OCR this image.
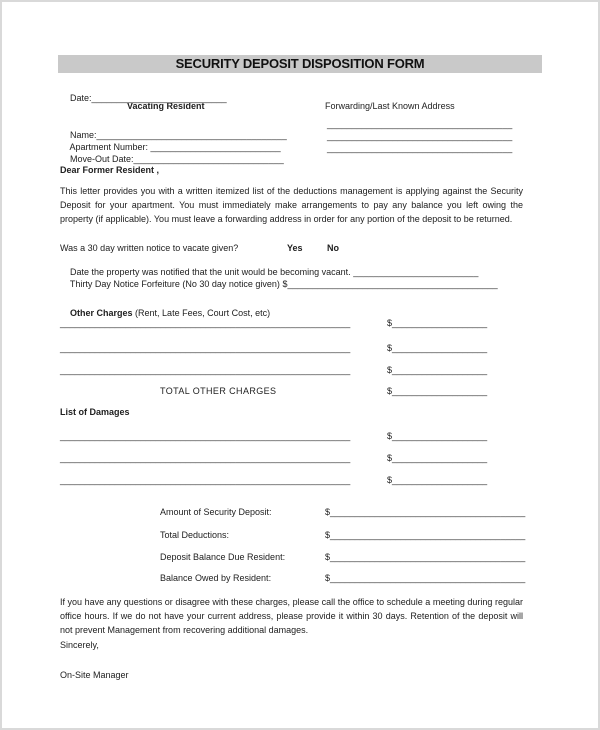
SECURITY DEPOSIT DISPOSITION FORM

Date:___________________________

Vacating Resident	Forwarding/Last Known Address

Name:______________________________________

Apartment Number: __________________________

Move-Out Date:______________________________

_____________________________________
_____________________________________
_____________________________________
Dear Former Resident ,
This letter provides you with a written itemized list of the deductions management is applying against the Security Deposit for your apartment. You must immediately make arrangements to pay any balance you left owing the property (if applicable). You must leave a forwarding address in order for any portion of the deposit to be returned.
Was a 30 day written notice to vacate given?	Yes	No

Date the property was notified that the unit would be becoming vacant. _________________________

Thirty Day Notice Forfeiture (No 30 day notice given) $__________________________________________

Other Charges (Rent, Late Fees, Court Cost, etc)

__________________________________________________________	$___________________
__________________________________________________________	$___________________
__________________________________________________________	$___________________
TOTAL OTHER CHARGES	$___________________
List of Damages
__________________________________________________________	$___________________
__________________________________________________________	$___________________
__________________________________________________________	$___________________
Amount of Security Deposit:	$_______________________________________
Total Deductions:	$_______________________________________
Deposit Balance Due Resident:	$_______________________________________
Balance Owed by Resident:	$_______________________________________
If you have any questions or disagree with these charges, please call the office to schedule a meeting during regular office hours. If we do not have your current address, please provide it within 30 days. Retention of the deposit will not prevent Management from recovering additional damages.
Sincerely,
On-Site Manager
